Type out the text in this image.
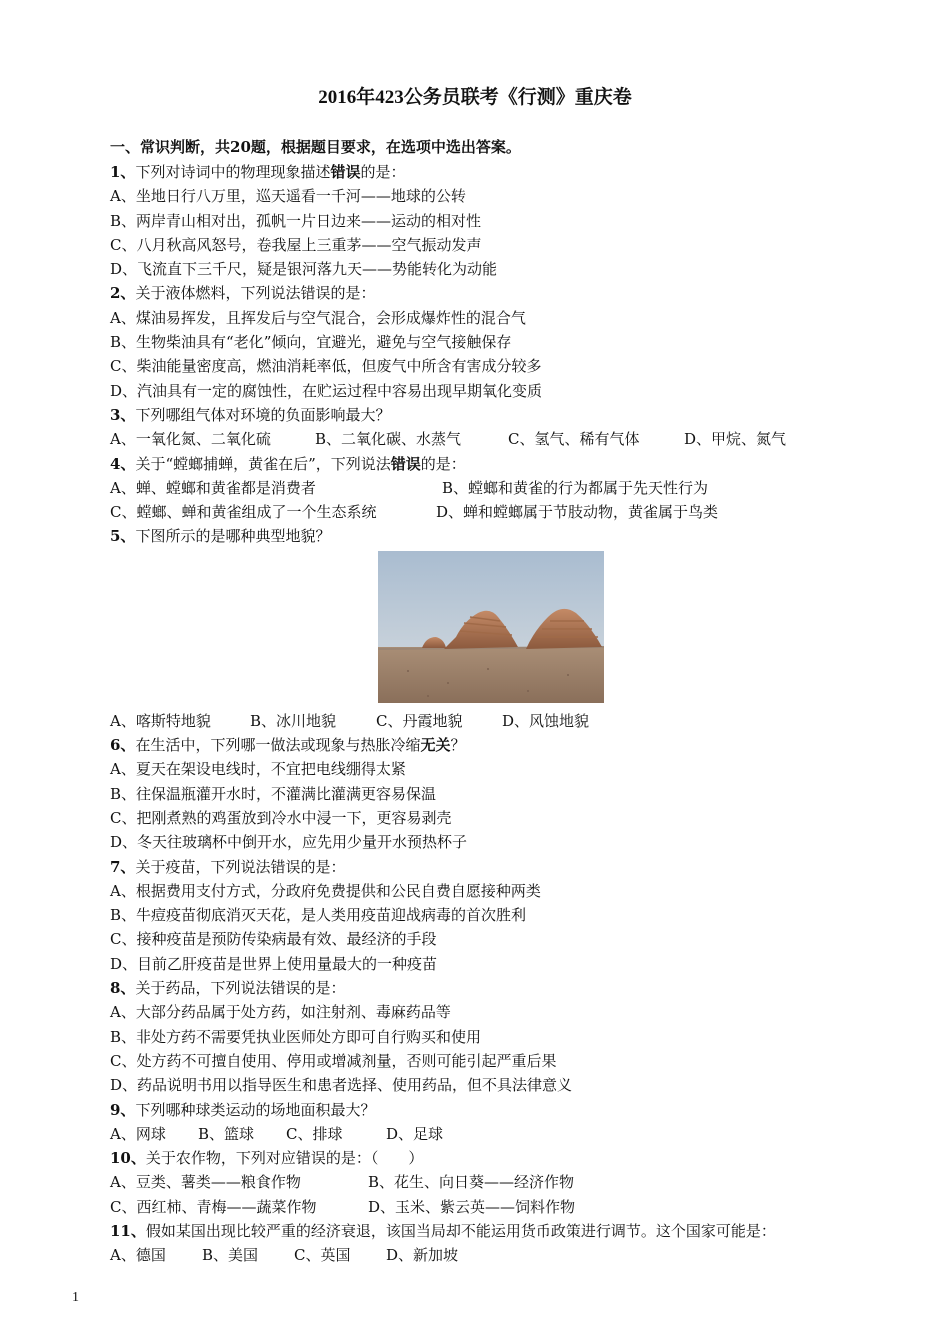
2016年423公务员联考《行测》重庆卷
一、常识判断，共20题，根据题目要求，在选项中选出答案。
1、下列对诗词中的物理现象描述错误的是：
A、坐地日行八万里，巡天遥看一千河——地球的公转
B、两岸青山相对出，孤帆一片日边来——运动的相对性
C、八月秋高风怒号，卷我屋上三重茅——空气振动发声
D、飞流直下三千尺，疑是银河落九天——势能转化为动能
2、关于液体燃料，下列说法错误的是：
A、煤油易挥发，且挥发后与空气混合，会形成爆炸性的混合气
B、生物柴油具有“老化”倾向，宜避光，避免与空气接触保存
C、柴油能量密度高，燃油消耗率低，但废气中所含有害成分较多
D、汽油具有一定的腐蚀性，在贮运过程中容易出现早期氧化变质
3、下列哪组气体对环境的负面影响最大？
A、一氧化氮、二氧化硫	B、二氧化碳、水蒸气	C、氢气、稀有气体	D、甲烷、氮气
4、关于“螳螂捕蝉，黄雀在后”，下列说法错误的是：
A、蝉、螳螂和黄雀都是消费者	B、螳螂和黄雀的行为都属于先天性行为
C、螳螂、蝉和黄雀组成了一个生态系统	D、蝉和螳螂属于节肢动物，黄雀属于鸟类
5、下图所示的是哪种典型地貌？
A、喀斯特地貌	B、冰川地貌	C、丹霞地貌	D、风蚀地貌
6、在生活中，下列哪一做法或现象与热胀冷缩无关？
A、夏天在架设电线时，不宜把电线绷得太紧
B、往保温瓶灌开水时，不灌满比灌满更容易保温
C、把刚煮熟的鸡蛋放到冷水中浸一下，更容易剥壳
D、冬天往玻璃杯中倒开水，应先用少量开水预热杯子
7、关于疫苗，下列说法错误的是：
A、根据费用支付方式，分政府免费提供和公民自费自愿接种两类
B、牛痘疫苗彻底消灭天花，是人类用疫苗迎战病毒的首次胜利
C、接种疫苗是预防传染病最有效、最经济的手段
D、目前乙肝疫苗是世界上使用量最大的一种疫苗
8、关于药品，下列说法错误的是：
A、大部分药品属于处方药，如注射剂、毒麻药品等
B、非处方药不需要凭执业医师处方即可自行购买和使用
C、处方药不可擅自使用、停用或增减剂量，否则可能引起严重后果
D、药品说明书用以指导医生和患者选择、使用药品，但不具法律意义
9、下列哪种球类运动的场地面积最大？
A、网球	B、篮球	C、排球	D、足球
10、关于农作物，下列对应错误的是：（　　）
A、豆类、薯类——粮食作物	B、花生、向日葵——经济作物
C、西红柿、青梅——蔬菜作物	D、玉米、紫云英——饲料作物
11、假如某国出现比较严重的经济衰退，该国当局却不能运用货币政策进行调节。这个国家可能是：
A、德国	B、美国	C、英国	D、新加坡
1
